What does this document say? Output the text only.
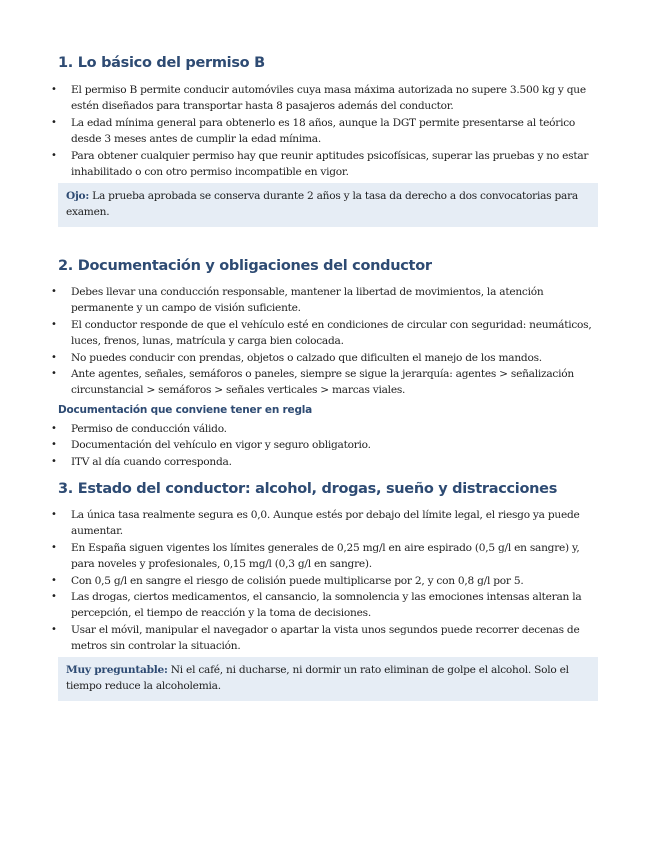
1. Lo básico del permiso B
• El permiso B permite conducir automóviles cuya masa máxima autorizada no supere 3.500 kg y que estén diseñados para transportar hasta 8 pasajeros además del conductor.
• La edad mínima general para obtenerlo es 18 años, aunque la DGT permite presentarse al teórico desde 3 meses antes de cumplir la edad mínima.
• Para obtener cualquier permiso hay que reunir aptitudes psicofísicas, superar las pruebas y no estar inhabilitado o con otro permiso incompatible en vigor.
Ojo: La prueba aprobada se conserva durante 2 años y la tasa da derecho a dos convocatorias para examen.
2. Documentación y obligaciones del conductor
• Debes llevar una conducción responsable, mantener la libertad de movimientos, la atención permanente y un campo de visión suficiente.
• El conductor responde de que el vehículo esté en condiciones de circular con seguridad: neumáticos, luces, frenos, lunas, matrícula y carga bien colocada.
• No puedes conducir con prendas, objetos o calzado que dificulten el manejo de los mandos.
• Ante agentes, señales, semáforos o paneles, siempre se sigue la jerarquía: agentes > señalización circunstancial > semáforos > señales verticales > marcas viales.
Documentación que conviene tener en regla
• Permiso de conducción válido.
• Documentación del vehículo en vigor y seguro obligatorio.
• ITV al día cuando corresponda.
3. Estado del conductor: alcohol, drogas, sueño y distracciones
• La única tasa realmente segura es 0,0. Aunque estés por debajo del límite legal, el riesgo ya puede aumentar.
• En España siguen vigentes los límites generales de 0,25 mg/l en aire espirado (0,5 g/l en sangre) y, para noveles y profesionales, 0,15 mg/l (0,3 g/l en sangre).
• Con 0,5 g/l en sangre el riesgo de colisión puede multiplicarse por 2, y con 0,8 g/l por 5.
• Las drogas, ciertos medicamentos, el cansancio, la somnolencia y las emociones intensas alteran la percepción, el tiempo de reacción y la toma de decisiones.
• Usar el móvil, manipular el navegador o apartar la vista unos segundos puede recorrer decenas de metros sin controlar la situación.
Muy preguntable: Ni el café, ni ducharse, ni dormir un rato eliminan de golpe el alcohol. Solo el tiempo reduce la alcoholemia.
